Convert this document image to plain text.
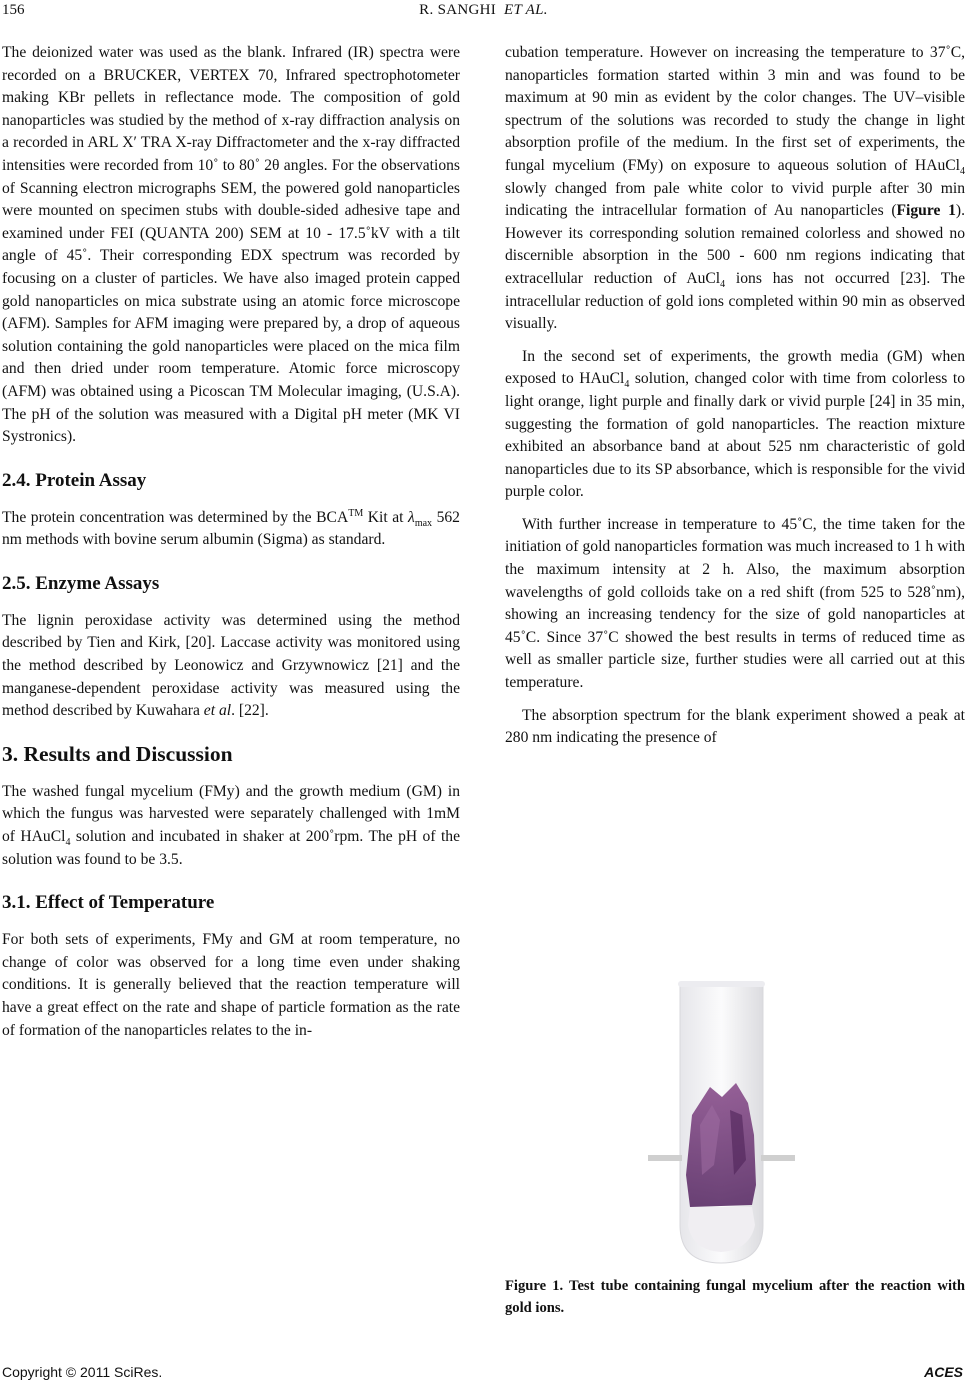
156	R. SANGHI ET AL.

The deionized water was used as the blank. Infrared (IR) spectra were recorded on a BRUCKER, VERTEX 70, Infrared spectrophotometer making KBr pellets in reflectance mode. The composition of gold nanoparticles was studied by the method of x-ray diffraction analysis on a recorded in ARL X′ TRA X-ray Diffractometer and the x-ray diffracted intensities were recorded from 10˚ to 80˚ 2θ angles. For the observations of Scanning electron micrographs SEM, the powered gold nanoparticles were mounted on specimen stubs with double-sided adhesive tape and examined under FEI (QUANTA 200) SEM at 10 - 17.5˚kV with a tilt angle of 45˚. Their corresponding EDX spectrum was recorded by focusing on a cluster of particles. We have also imaged protein capped gold nanoparticles on mica substrate using an atomic force microscope (AFM). Samples for AFM imaging were prepared by, a drop of aqueous solution containing the gold nanoparticles were placed on the mica film and then dried under room temperature. Atomic force microscopy (AFM) was obtained using a Picoscan TM Molecular imaging, (U.S.A). The pH of the solution was measured with a Digital pH meter (MK VI Systronics).

2.4. Protein Assay

The protein concentration was determined by the BCA™ Kit at $\lambda_{max}$ 562 nm methods with bovine serum albumin (Sigma) as standard.

2.5. Enzyme Assays

The lignin peroxidase activity was determined using the method described by Tien and Kirk, [20]. Laccase activity was monitored using the method described by Leonowicz and Grzywnowicz [21] and the manganese-dependent peroxidase activity was measured using the method described by Kuwahara et al. [22].

3. Results and Discussion

The washed fungal mycelium (FMy) and the growth medium (GM) in which the fungus was harvested were separately challenged with 1mM of HAuCl$_4$ solution and incubated in shaker at 200˚rpm. The pH of the solution was found to be 3.5.

3.1. Effect of Temperature

For both sets of experiments, FMy and GM at room temperature, no change of color was observed for a long time even under shaking conditions. It is generally believed that the reaction temperature will have a great effect on the rate and shape of particle formation as the rate of formation of the nanoparticles relates to the in-

cubation temperature. However on increasing the temperature to 37˚C, nanoparticles formation started within 3 min and was found to be maximum at 90 min as evident by the color changes. The UV–visible spectrum of the solutions was recorded to study the change in light absorption profile of the medium. In the first set of experiments, the fungal mycelium (FMy) on exposure to aqueous solution of HAuCl$_4$ slowly changed from pale white color to vivid purple after 30 min indicating the intracellular formation of Au nanoparticles (Figure 1). However its corresponding solution remained colorless and showed no discernible absorption in the 500 - 600 nm regions indicating that extracellular reduction of AuCl$_4$ ions has not occurred [23]. The intracellular reduction of gold ions completed within 90 min as observed visually.

In the second set of experiments, the growth media (GM) when exposed to HAuCl$_4$ solution, changed color with time from colorless to light orange, light purple and finally dark or vivid purple [24] in 35 min, suggesting the formation of gold nanoparticles. The reaction mixture exhibited an absorbance band at about 525 nm characteristic of gold nanoparticles due to its SP absorbance, which is responsible for the vivid purple color.

With further increase in temperature to 45˚C, the time taken for the initiation of gold nanoparticles formation was much increased to 1 h with the maximum intensity at 2 h. Also, the maximum absorption wavelengths of gold colloids take on a red shift (from 525 to 528˚nm), showing an increasing tendency for the size of gold nanoparticles at 45˚C. Since 37˚C showed the best results in terms of reduced time as well as smaller particle size, further studies were all carried out at this temperature.

The absorption spectrum for the blank experiment showed a peak at 280 nm indicating the presence of

Figure 1. Test tube containing fungal mycelium after the reaction with gold ions.
Copyright © 2011 SciRes.	ACES
